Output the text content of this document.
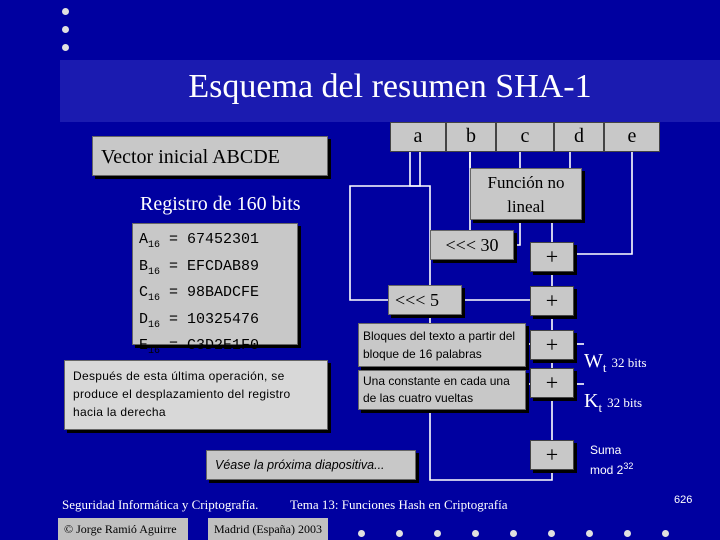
Esquema del resumen SHA-1
Vector inicial ABCDE
Registro de 160 bits
$A_{16} = 67452301$
$B_{16}$ = EFCDAB89
$C_{16}$ = 98BADCFE
$D_{16} = 10325476$
$E_{16} = C3D2E1F0$
Después de esta última operación, se produce el desplazamiento del registro hacia la derecha
a	b	c	d	e
Función no lineal
<<< 30
<<< 5
Bloques del texto a partir del bloque de 16 palabras
Una constante en cada una de las cuatro vueltas
Véase la próxima diapositiva...
+
+
+
+
+
$W_t$ 32 bits
$K_t$ 32 bits
Suma
mod $2^{32}$
Seguridad Informática y Criptografía. Tema 13: Funciones Hash en Criptografía	626
© Jorge Ramió Aguirre	Madrid (España) 2003
